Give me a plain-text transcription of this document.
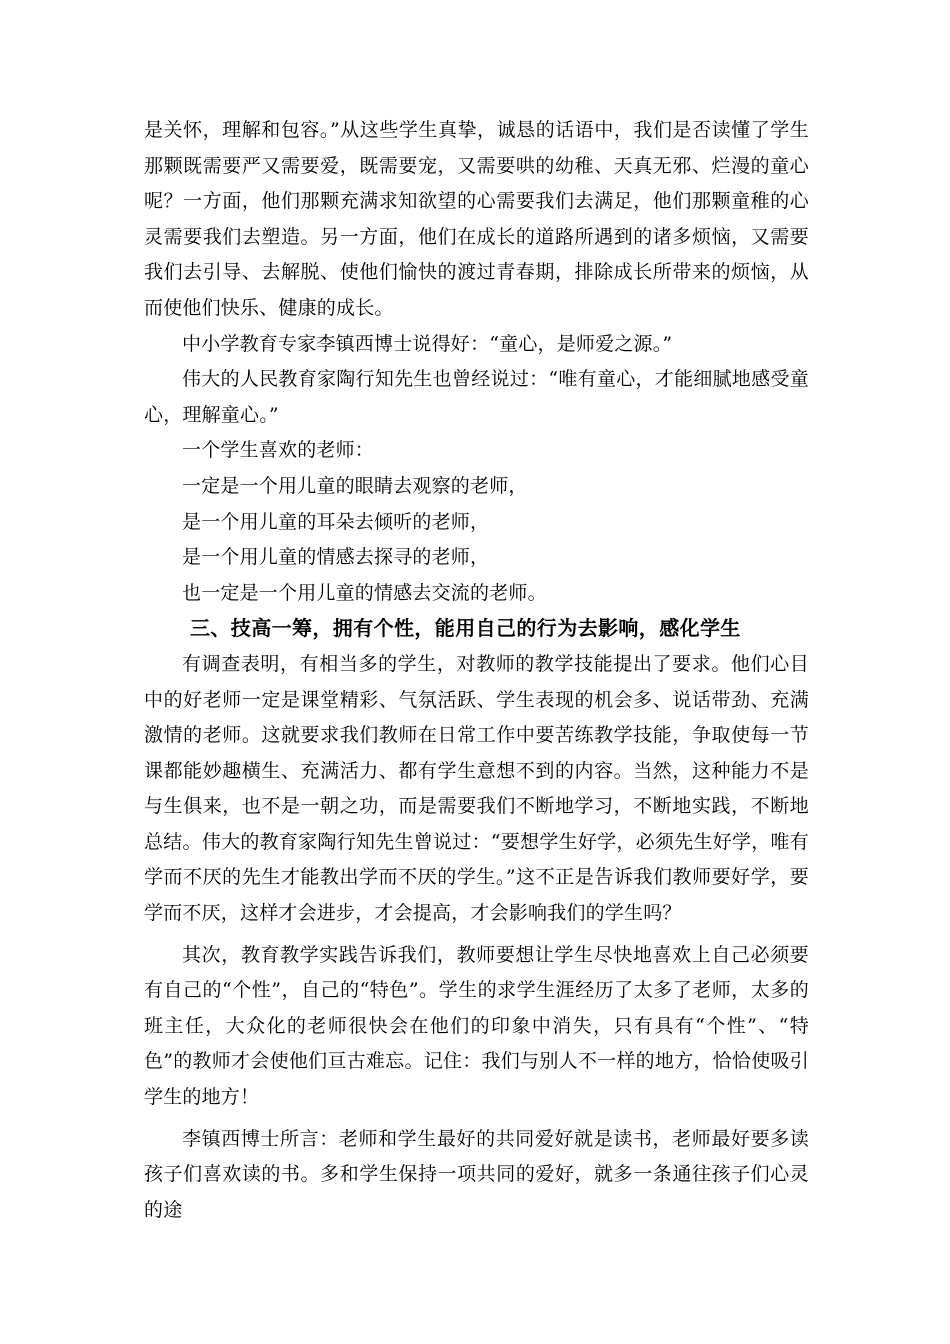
是关怀，理解和包容。”从这些学生真挚，诚恳的话语中，我们是否读懂了学生那颗既需要严又需要爱，既需要宠，又需要哄的幼稚、天真无邪、烂漫的童心呢？一方面，他们那颗充满求知欲望的心需要我们去满足，他们那颗童稚的心灵需要我们去塑造。另一方面，他们在成长的道路所遇到的诸多烦恼，又需要我们去引导、去解脱、使他们愉快的渡过青春期，排除成长所带来的烦恼，从而使他们快乐、健康的成长。

中小学教育专家李镇西博士说得好：“童心，是师爱之源。”

伟大的人民教育家陶行知先生也曾经说过：“唯有童心，才能细腻地感受童心，理解童心。”

一个学生喜欢的老师：

一定是一个用儿童的眼睛去观察的老师，

是一个用儿童的耳朵去倾听的老师，

是一个用儿童的情感去探寻的老师，

也一定是一个用儿童的情感去交流的老师。

三、技高一筹，拥有个性，能用自己的行为去影响，感化学生

有调查表明，有相当多的学生，对教师的教学技能提出了要求。他们心目中的好老师一定是课堂精彩、气氛活跃、学生表现的机会多、说话带劲、充满激情的老师。这就要求我们教师在日常工作中要苦练教学技能，争取使每一节课都能妙趣横生、充满活力、都有学生意想不到的内容。当然，这种能力不是与生俱来，也不是一朝之功，而是需要我们不断地学习，不断地实践，不断地总结。伟大的教育家陶行知先生曾说过：“要想学生好学，必须先生好学，唯有学而不厌的先生才能教出学而不厌的学生。”这不正是告诉我们教师要好学，要学而不厌，这样才会进步，才会提高，才会影响我们的学生吗？

其次，教育教学实践告诉我们，教师要想让学生尽快地喜欢上自己必须要有自己的“个性”，自己的“特色”。学生的求学生涯经历了太多了老师，太多的班主任，大众化的老师很快会在他们的印象中消失，只有具有“个性”、“特色”的教师才会使他们亘古难忘。记住：我们与别人不一样的地方，恰恰使吸引学生的地方！

李镇西博士所言：老师和学生最好的共同爱好就是读书，老师最好要多读孩子们喜欢读的书。多和学生保持一项共同的爱好，就多一条通往孩子们心灵的途
